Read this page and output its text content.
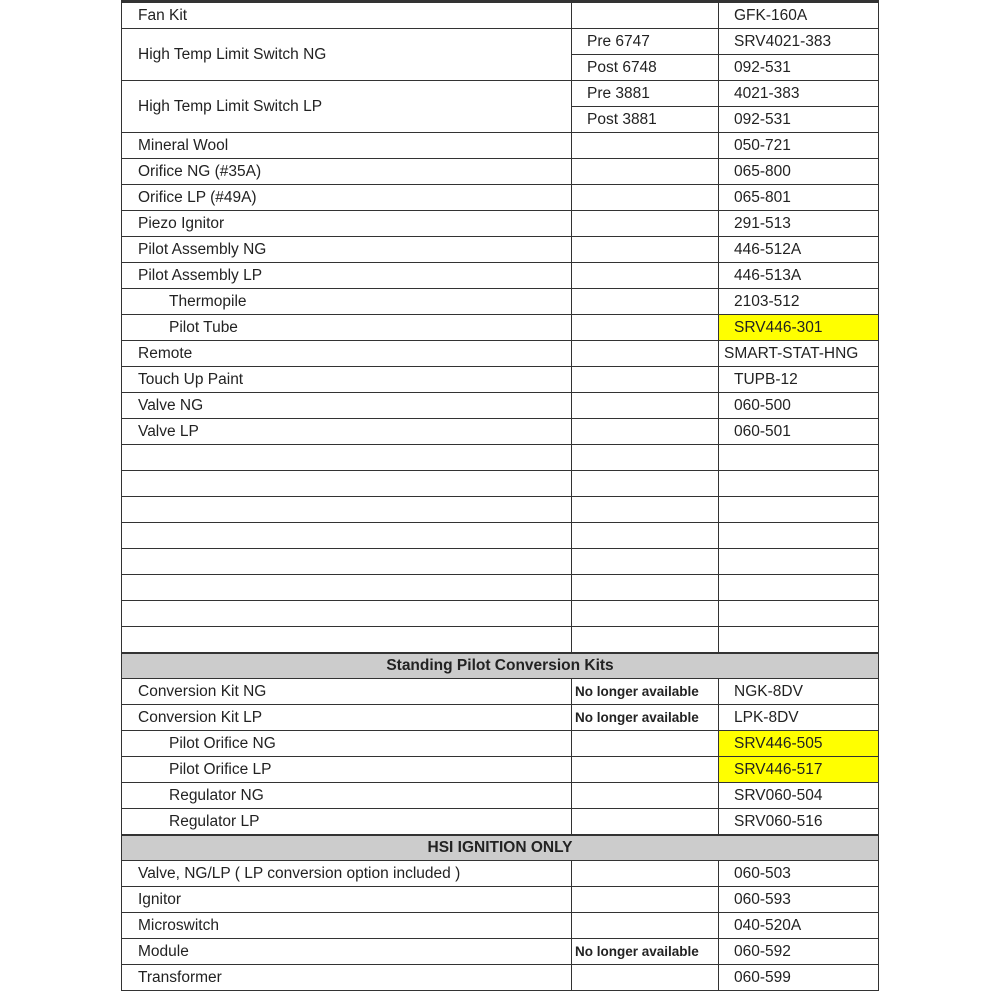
Fan Kit		GFK-160A
High Temp Limit Switch NG	Pre 6747	SRV4021-383
	Post 6748	092-531
High Temp Limit Switch LP	Pre 3881	4021-383
	Post 3881	092-531
Mineral Wool		050-721
Orifice NG (#35A)		065-800
Orifice LP (#49A)		065-801
Piezo Ignitor		291-513
Pilot Assembly NG		446-512A
Pilot Assembly LP		446-513A
Thermopile		2103-512
Pilot Tube		SRV446-301
Remote		SMART-STAT-HNG
Touch Up Paint		TUPB-12
Valve NG		060-500
Valve LP		060-501

Standing Pilot Conversion Kits		
Conversion Kit NG	No longer available	NGK-8DV
Conversion Kit LP	No longer available	LPK-8DV
Pilot Orifice NG		SRV446-505
Pilot Orifice LP		SRV446-517
Regulator NG		SRV060-504
Regulator LP		SRV060-516
HSI IGNITION ONLY		
Valve, NG/LP ( LP conversion option included )		060-503
Ignitor		060-593
Microswitch		040-520A
Module	No longer available	060-592
Transformer		060-599
